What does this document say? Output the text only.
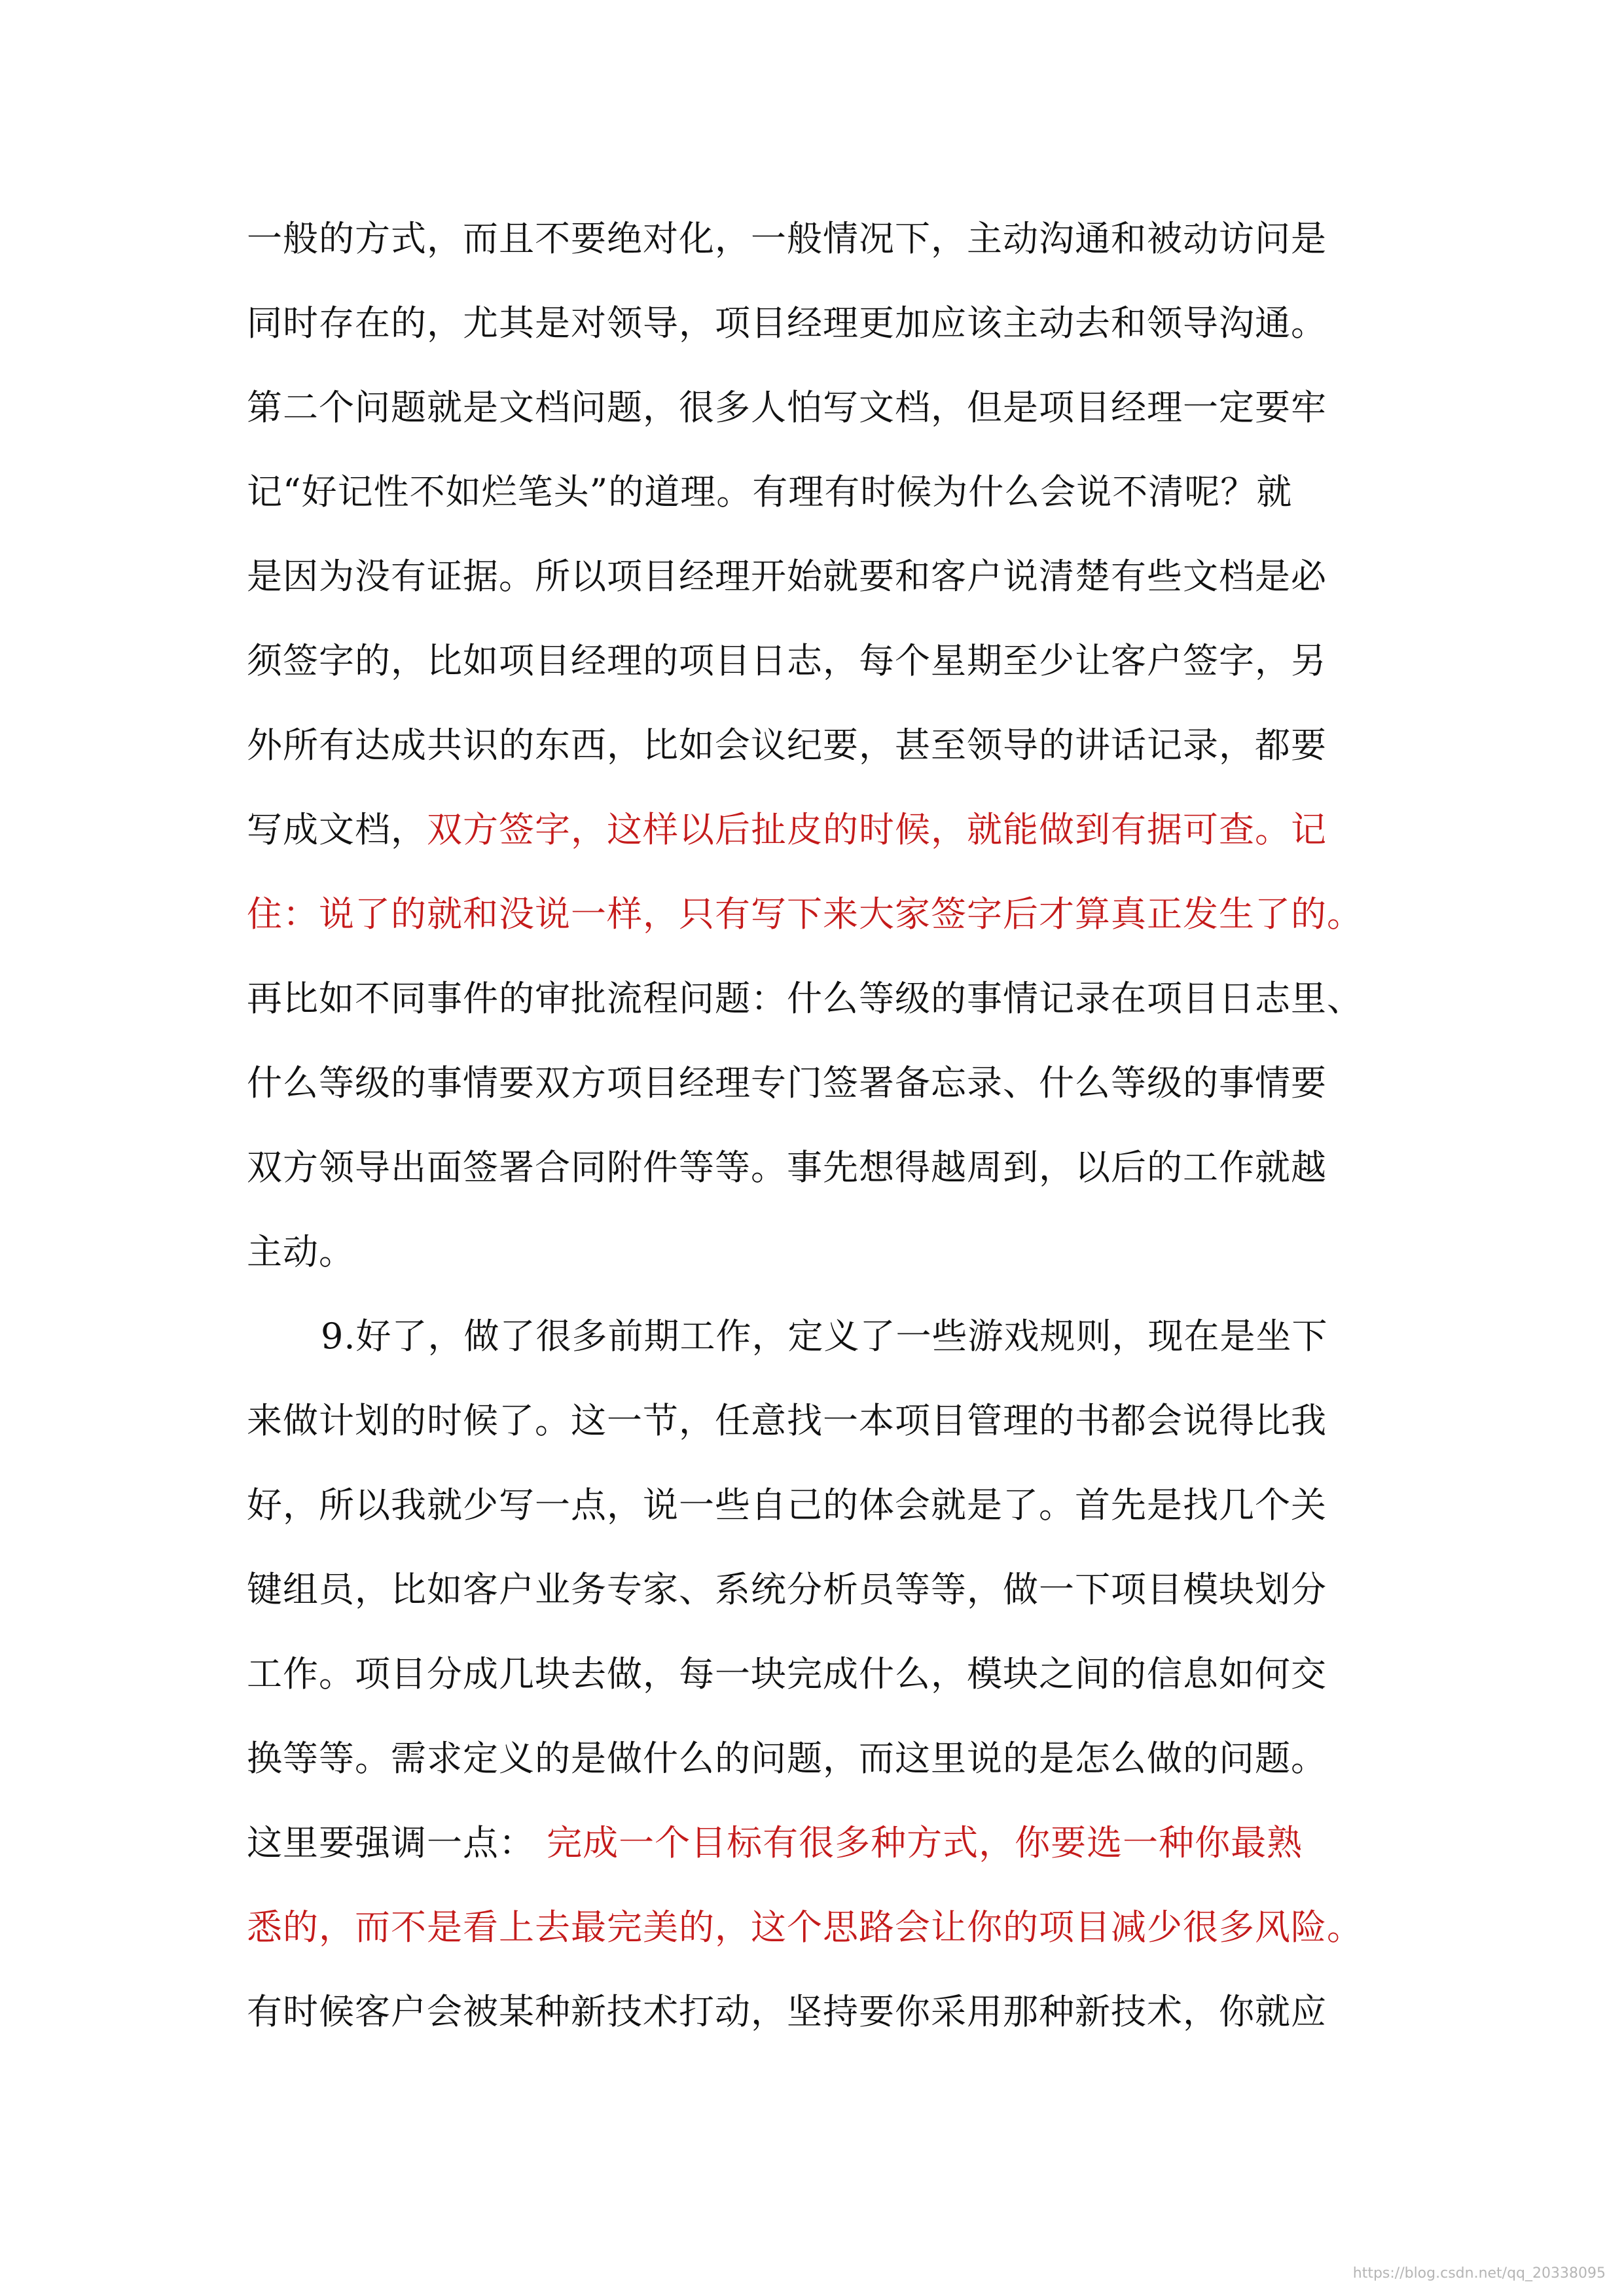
一般的方式，而且不要绝对化，一般情况下，主动沟通和被动访问是
同时存在的，尤其是对领导，项目经理更加应该主动去和领导沟通。
第二个问题就是文档问题，很多人怕写文档，但是项目经理一定要牢
记“好记性不如烂笔头”的道理。有理有时候为什么会说不清呢？就
是因为没有证据。所以项目经理开始就要和客户说清楚有些文档是必
须签字的，比如项目经理的项目日志，每个星期至少让客户签字，另
外所有达成共识的东西，比如会议纪要，甚至领导的讲话记录，都要
写成文档，双方签字，这样以后扯皮的时候，就能做到有据可查。记
住：说了的就和没说一样，只有写下来大家签字后才算真正发生了的。
再比如不同事件的审批流程问题：什么等级的事情记录在项目日志里、
什么等级的事情要双方项目经理专门签署备忘录、什么等级的事情要
双方领导出面签署合同附件等等。事先想得越周到，以后的工作就越
主动。
9.好了，做了很多前期工作，定义了一些游戏规则，现在是坐下
来做计划的时候了。这一节，任意找一本项目管理的书都会说得比我
好，所以我就少写一点，说一些自己的体会就是了。首先是找几个关
键组员，比如客户业务专家、系统分析员等等，做一下项目模块划分
工作。项目分成几块去做，每一块完成什么，模块之间的信息如何交
换等等。需求定义的是做什么的问题，而这里说的是怎么做的问题。
这里要强调一点： 完成一个目标有很多种方式，你要选一种你最熟
悉的，而不是看上去最完美的，这个思路会让你的项目减少很多风险。
有时候客户会被某种新技术打动，坚持要你采用那种新技术，你就应
https://blog.csdn.net/qq_20338095
